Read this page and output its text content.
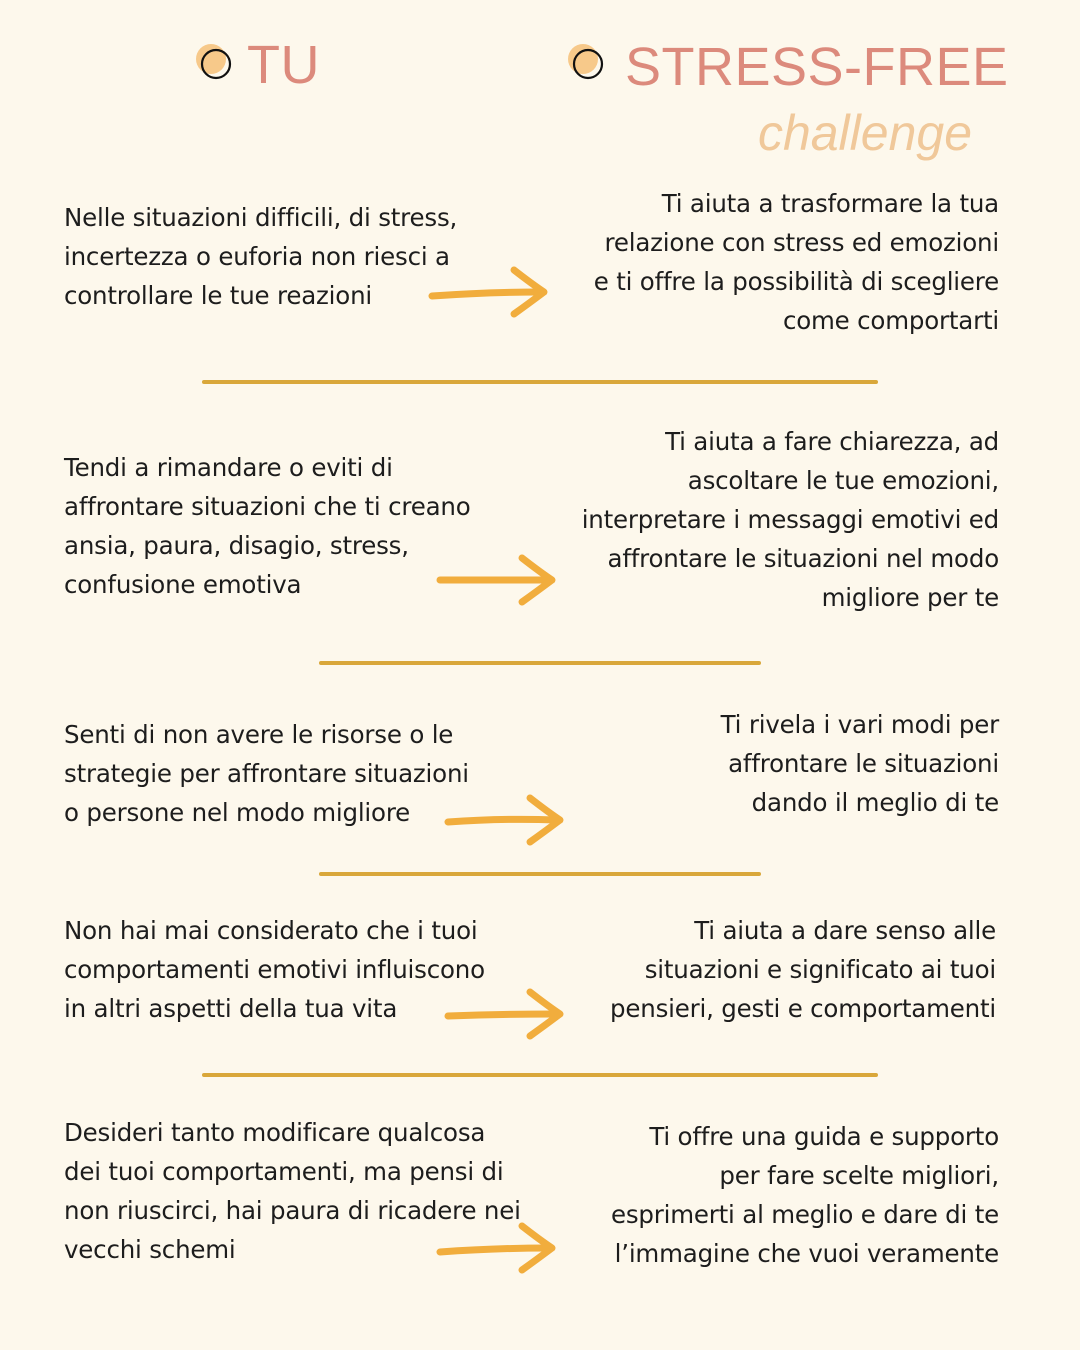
TU	STRESS-FREE
challenge
Nelle situazioni difficili, di stress,
incertezza o euforia non riesci a
controllare le tue reazioni
Ti aiuta a trasformare la tua
relazione con stress ed emozioni
e ti offre la possibilità di scegliere
come comportarti
Tendi a rimandare o eviti di
affrontare situazioni che ti creano
ansia, paura, disagio, stress,
confusione emotiva
Ti aiuta a fare chiarezza, ad
ascoltare le tue emozioni,
interpretare i messaggi emotivi ed
affrontare le situazioni nel modo
migliore per te
Senti di non avere le risorse o le
strategie per affrontare situazioni
o persone nel modo migliore
Ti rivela i vari modi per
affrontare le situazioni
dando il meglio di te
Non hai mai considerato che i tuoi
comportamenti emotivi influiscono
in altri aspetti della tua vita
Ti aiuta a dare senso alle
situazioni e significato ai tuoi
pensieri, gesti e comportamenti
Desideri tanto modificare qualcosa
dei tuoi comportamenti, ma pensi di
non riuscirci, hai paura di ricadere nei
vecchi schemi
Ti offre una guida e supporto
per fare scelte migliori,
esprimerti al meglio e dare di te
l’immagine che vuoi veramente
